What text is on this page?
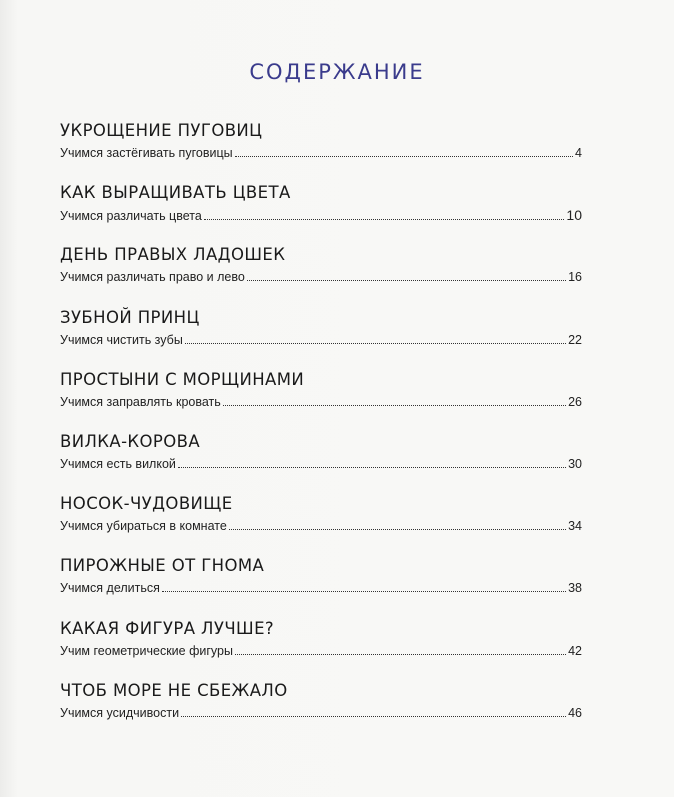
СОДЕРЖАНИЕ
УКРОЩЕНИЕ ПУГОВИЦ
Учимся застёгивать пуговицы	4
КАК ВЫРАЩИВАТЬ ЦВЕТА
Учимся различать цвета	10
ДЕНЬ ПРАВЫХ ЛАДОШЕК
Учимся различать право и лево	16
ЗУБНОЙ ПРИНЦ
Учимся чистить зубы	22
ПРОСТЫНИ С МОРЩИНАМИ
Учимся заправлять кровать	26
ВИЛКА-КОРОВА
Учимся есть вилкой	30
НОСОК-ЧУДОВИЩЕ
Учимся убираться в комнате	34
ПИРОЖНЫЕ ОТ ГНОМА
Учимся делиться	38
КАКАЯ ФИГУРА ЛУЧШЕ?
Учим геометрические фигуры	42
ЧТОБ МОРЕ НЕ СБЕЖАЛО
Учимся усидчивости	46
